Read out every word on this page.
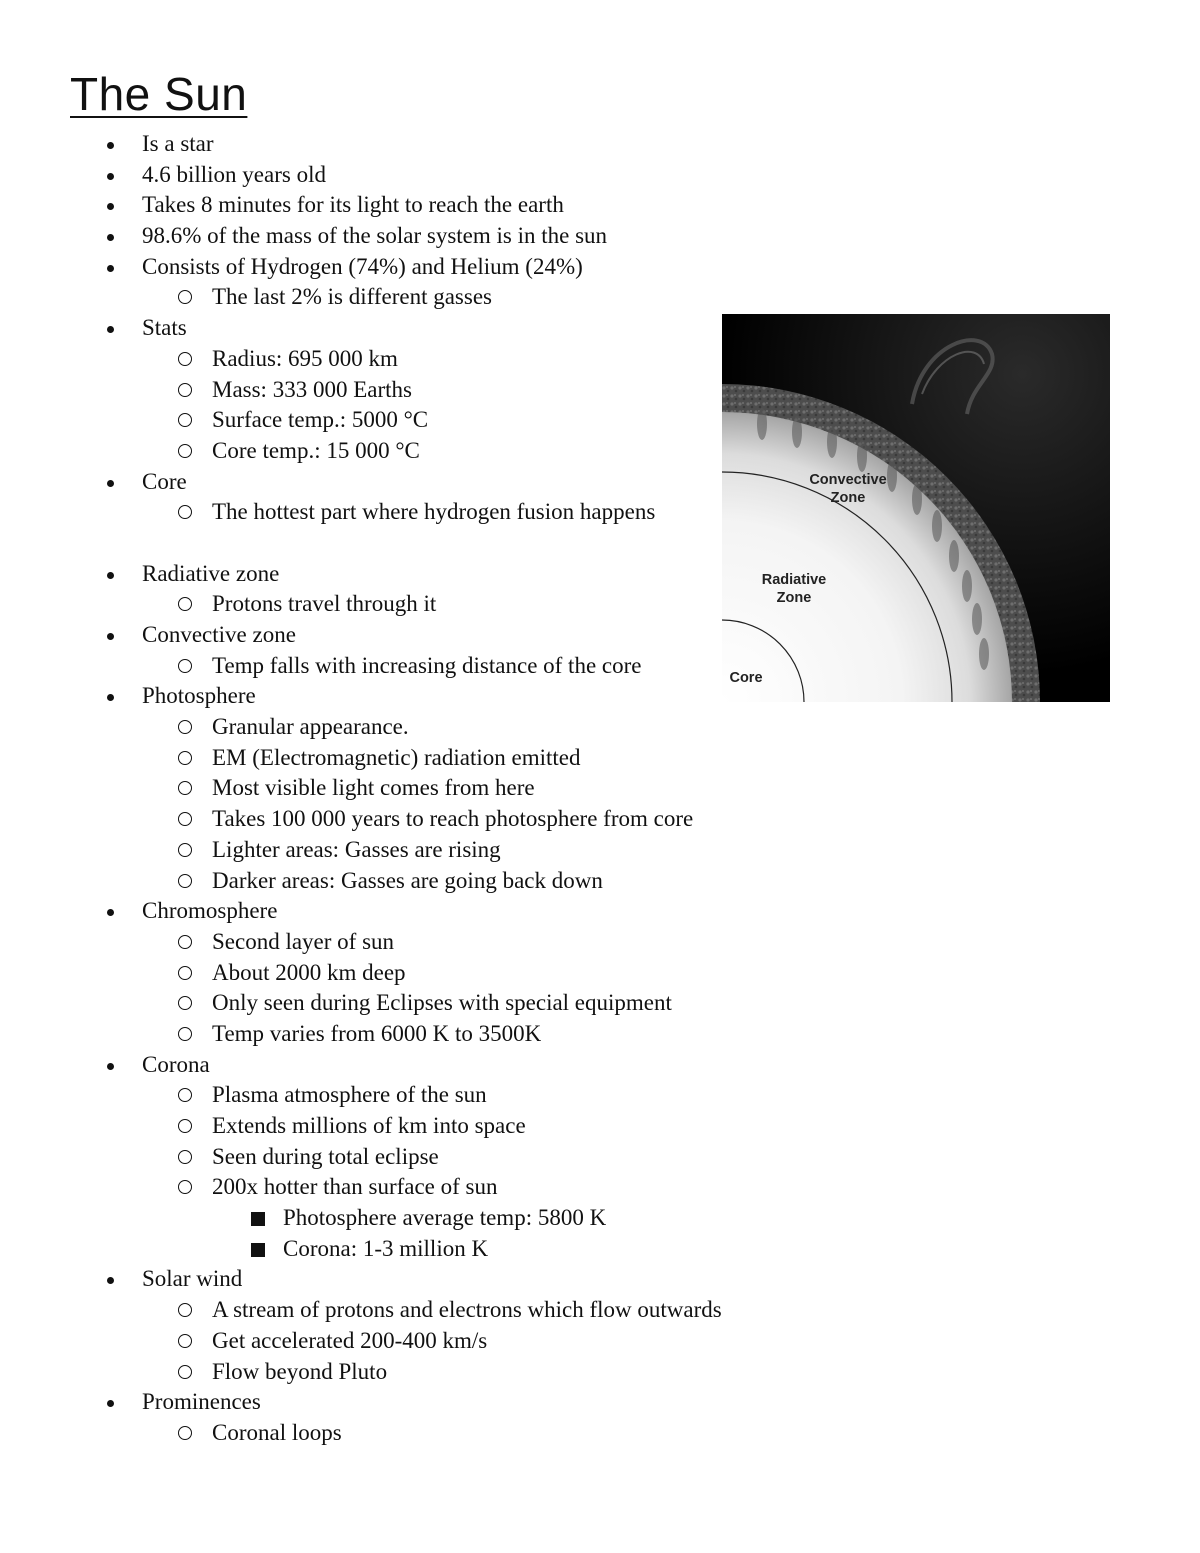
The Sun
Is a star
4.6 billion years old
Takes 8 minutes for its light to reach the earth
98.6% of the mass of the solar system is in the sun
Consists of Hydrogen (74%) and Helium (24%)
The last 2% is different gasses
Stats
Radius: 695 000 km
Mass: 333 000 Earths
Surface temp.: 5000 °C
Core temp.: 15 000 °C
Core
The hottest part where hydrogen fusion happens
Radiative zone
Protons travel through it
Convective zone
Temp falls with increasing distance of the core
Photosphere
Granular appearance.
EM (Electromagnetic) radiation emitted
Most visible light comes from here
Takes 100 000 years to reach photosphere from core
Lighter areas: Gasses are rising
Darker areas: Gasses are going back down
Chromosphere
Second layer of sun
About 2000 km deep
Only seen during Eclipses with special equipment
Temp varies from 6000 K to 3500K
Corona
Plasma atmosphere of the sun
Extends millions of km into space
Seen during total eclipse
200x hotter than surface of sun
Photosphere average temp: 5800 K
Corona: 1-3 million K
Solar wind
A stream of protons and electrons which flow outwards
Get accelerated 200-400 km/s
Flow beyond Pluto
Prominences
Coronal loops
Convective
Zone
Radiative
Zone
Core
